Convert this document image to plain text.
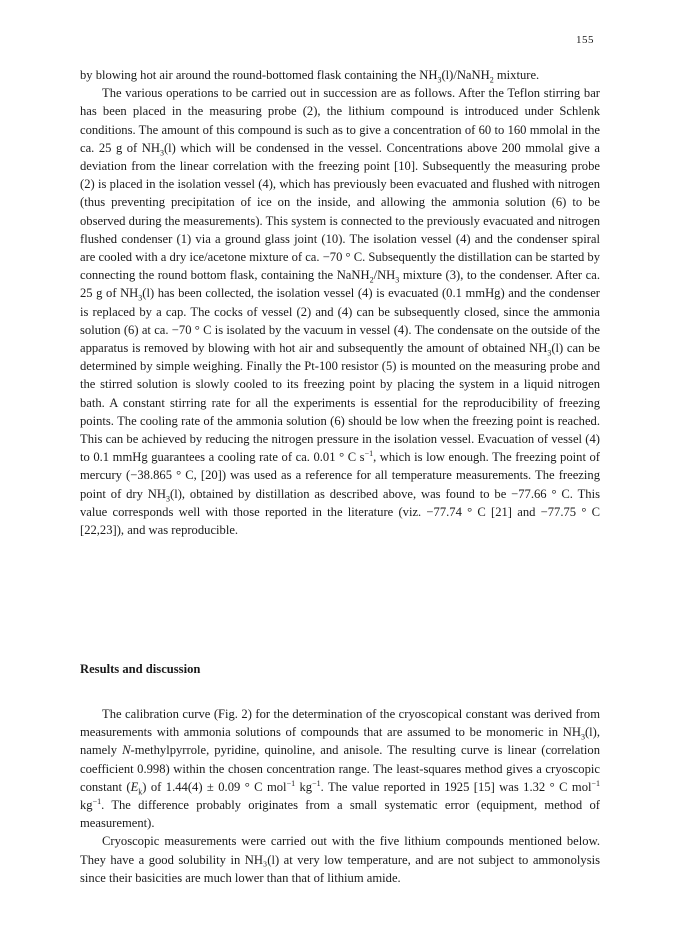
155

by blowing hot air around the round-bottomed flask containing the $NH_3(l)/NaNH_2$ mixture.

The various operations to be carried out in succession are as follows. After the Teflon stirring bar has been placed in the measuring probe (2), the lithium compound is introduced under Schlenk conditions. The amount of this compound is such as to give a concentration of 60 to 160 mmolal in the ca. 25 g of $NH_3(l)$ which will be condensed in the vessel. Concentrations above 200 mmolal give a deviation from the linear correlation with the freezing point [10]. Subsequently the measuring probe (2) is placed in the isolation vessel (4), which has previously been evacuated and flushed with nitrogen (thus preventing precipitation of ice on the inside, and allowing the ammonia solution (6) to be observed during the measurements). This system is connected to the previously evacuated and nitrogen flushed condenser (1) via a ground glass joint (10). The isolation vessel (4) and the condenser spiral are cooled with a dry ice/acetone mixture of ca. −70 ° C. Subsequently the distillation can be started by connecting the round bottom flask, containing the $NaNH_2/NH_3$ mixture (3), to the condenser. After ca. 25 g of $NH_3(l)$ has been collected, the isolation vessel (4) is evacuated (0.1 mmHg) and the condenser is replaced by a cap. The cocks of vessel (2) and (4) can be subsequently closed, since the ammonia solution (6) at ca. −70 ° C is isolated by the vacuum in vessel (4). The condensate on the outside of the apparatus is removed by blowing with hot air and subsequently the amount of obtained $NH_3(l)$ can be determined by simple weighing. Finally the Pt-100 resistor (5) is mounted on the measuring probe and the stirred solution is slowly cooled to its freezing point by placing the system in a liquid nitrogen bath. A constant stirring rate for all the experiments is essential for the reproducibility of freezing points. The cooling rate of the ammonia solution (6) should be low when the freezing point is reached. This can be achieved by reducing the nitrogen pressure in the isolation vessel. Evacuation of vessel (4) to 0.1 mmHg guarantees a cooling rate of ca. 0.01 ° C $s^{-1}$, which is low enough. The freezing point of mercury (−38.865 ° C, [20]) was used as a reference for all temperature measurements. The freezing point of dry $NH_3(l)$, obtained by distillation as described above, was found to be −77.66 ° C. This value corresponds well with those reported in the literature (viz. −77.74 ° C [21] and −77.75 ° C [22,23]), and was reproducible.

Results and discussion

The calibration curve (Fig. 2) for the determination of the cryoscopical constant was derived from measurements with ammonia solutions of compounds that are assumed to be monomeric in $NH_3(l)$, namely N-methylpyrrole, pyridine, quinoline, and anisole. The resulting curve is linear (correlation coefficient 0.998) within the chosen concentration range. The least-squares method gives a cryoscopic constant $(E_k)$ of 1.44(4) ± 0.09 ° C mol$^{-1}$ $kg^{-1}$. The value reported in 1925 [15] was 1.32 ° C mol$^{-1}$ $kg^{-1}$. The difference probably originates from a small systematic error (equipment, method of measurement).

Cryoscopic measurements were carried out with the five lithium compounds mentioned below. They have a good solubility in NH₃(l) at very low temperature, and are not subject to ammonolysis since their basicities are much lower than that of lithium amide.
